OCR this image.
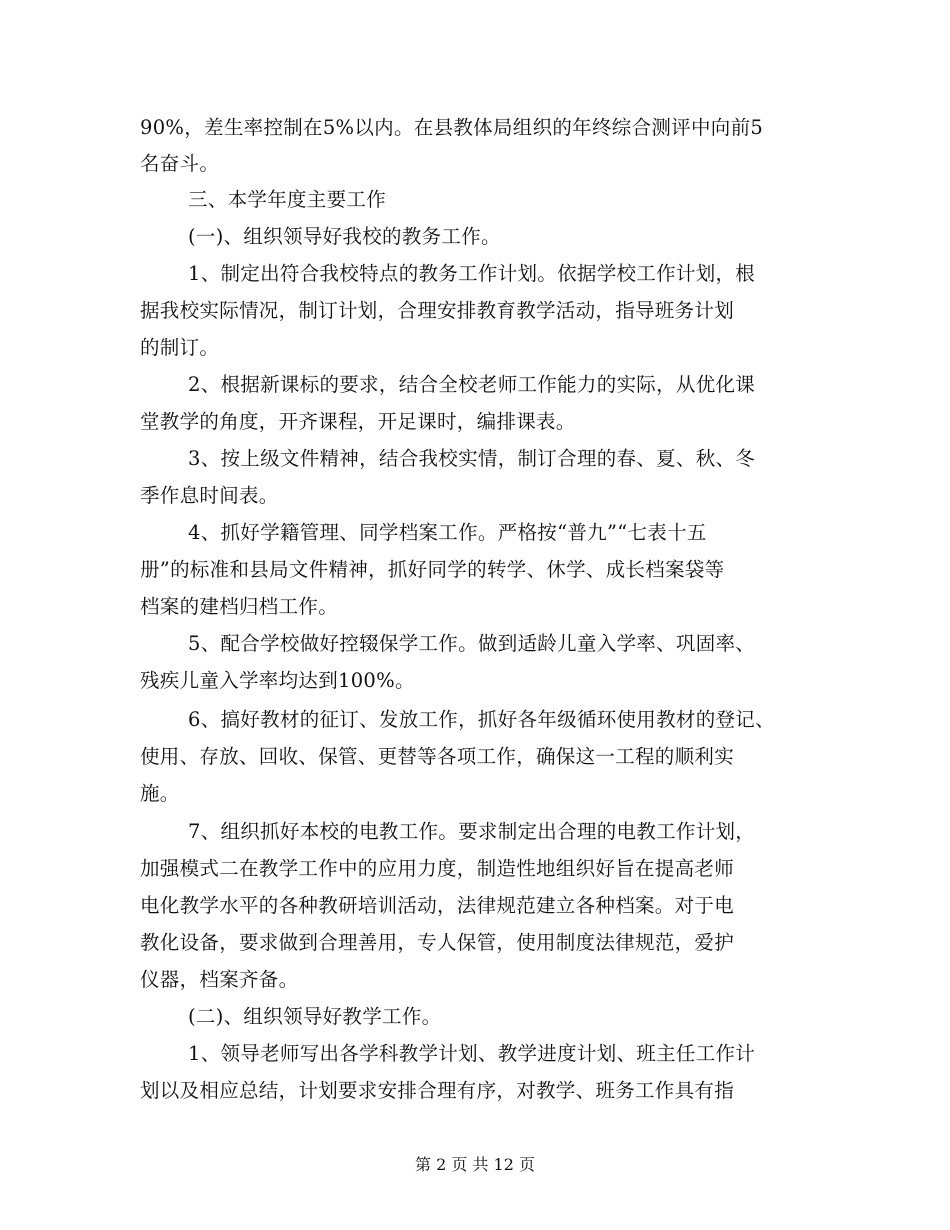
90%，差生率控制在5%以内。在县教体局组织的年终综合测评中向前5
名奋斗。
三、本学年度主要工作
(一)、组织领导好我校的教务工作。
1、制定出符合我校特点的教务工作计划。依据学校工作计划，根
据我校实际情况，制订计划，合理安排教育教学活动，指导班务计划
的制订。
2、根据新课标的要求，结合全校老师工作能力的实际，从优化课
堂教学的角度，开齐课程，开足课时，编排课表。
3、按上级文件精神，结合我校实情，制订合理的春、夏、秋、冬
季作息时间表。
4、抓好学籍管理、同学档案工作。严格按“普九”“七表十五
册”的标准和县局文件精神，抓好同学的转学、休学、成长档案袋等
档案的建档归档工作。
5、配合学校做好控辍保学工作。做到适龄儿童入学率、巩固率、
残疾儿童入学率均达到100%。
6、搞好教材的征订、发放工作，抓好各年级循环使用教材的登记、
使用、存放、回收、保管、更替等各项工作，确保这一工程的顺利实
施。
7、组织抓好本校的电教工作。要求制定出合理的电教工作计划，
加强模式二在教学工作中的应用力度，制造性地组织好旨在提高老师
电化教学水平的各种教研培训活动，法律规范建立各种档案。对于电
教化设备，要求做到合理善用，专人保管，使用制度法律规范，爱护
仪器，档案齐备。
(二)、组织领导好教学工作。
1、领导老师写出各学科教学计划、教学进度计划、班主任工作计
划以及相应总结，计划要求安排合理有序，对教学、班务工作具有指
第 2 页 共 12 页
